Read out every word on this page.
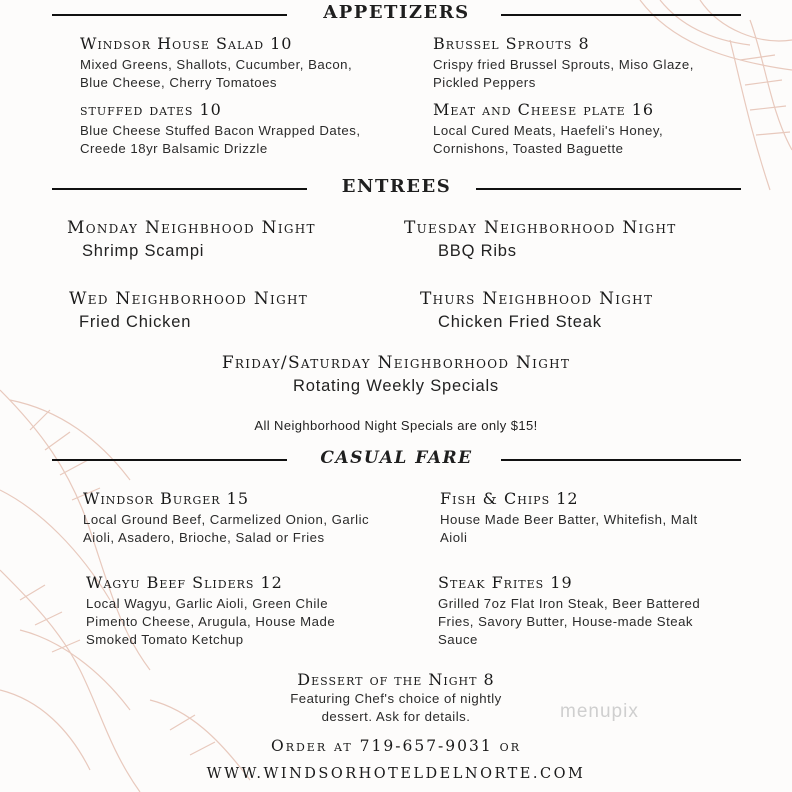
APPETIZERS
Windsor House Salad 10
Mixed Greens, Shallots, Cucumber, Bacon, Blue Cheese, Cherry Tomatoes
Brussel Sprouts 8
Crispy fried Brussel Sprouts, Miso Glaze, Pickled Peppers
stuffed dates 10
Blue Cheese Stuffed Bacon Wrapped Dates, Creede 18yr Balsamic Drizzle
Meat and Cheese plate 16
Local Cured Meats, Haefeli's Honey, Cornishons, Toasted Baguette
ENTREES
Monday Neighbhood Night
Shrimp Scampi
Tuesday Neighborhood Night
BBQ Ribs
Wed Neighborhood Night
Fried Chicken
Thurs Neighbhood Night
Chicken Fried Steak
Friday/Saturday Neighborhood Night
Rotating Weekly Specials
All Neighborhood Night Specials are only $15!
CASUAL FARE
Windsor Burger 15
Local Ground Beef, Carmelized Onion, Garlic Aioli, Asadero, Brioche, Salad or Fries
Fish & Chips 12
House Made Beer Batter, Whitefish, Malt Aioli
Wagyu Beef Sliders 12
Local Wagyu, Garlic Aioli, Green Chile Pimento Cheese, Arugula, House Made Smoked Tomato Ketchup
Steak Frites 19
Grilled 7oz Flat Iron Steak, Beer Battered Fries, Savory Butter, House-made Steak Sauce
Dessert of the Night 8
Featuring Chef's choice of nightly dessert. Ask for details.	menupix
Order at 719-657-9031 or
WWW.WINDSORHOTELDELNORTE.COM
